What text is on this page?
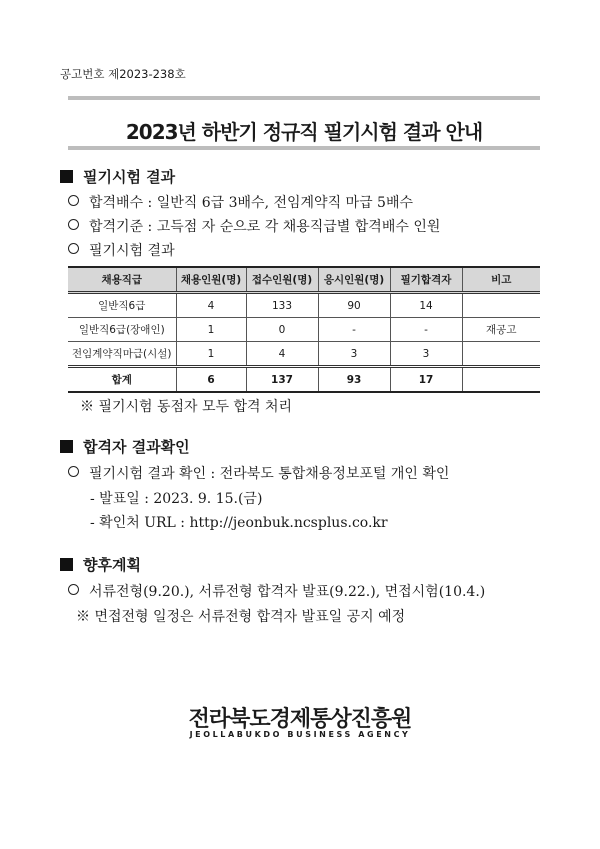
공고번호 제2023-238호
2023년 하반기 정규직 필기시험 결과 안내
필기시험 결과
합격배수 : 일반직 6급 3배수, 전임계약직 마급 5배수
합격기준 : 고득점 자 순으로 각 채용직급별 합격배수 인원
필기시험 결과
채용직급	채용인원(명)	접수인원(명)	응시인원(명)	필기합격자	비고
일반직6급	4	133	90	14	
일반직6급(장애인)	1	0	-	-	재공고
전임계약직마급(시설)	1	4	3	3	
합계	6	137	93	17	
※ 필기시험 동점자 모두 합격 처리
합격자 결과확인
필기시험 결과 확인 : 전라북도 통합채용정보포털 개인 확인
- 발표일 : 2023. 9. 15.(금)
- 확인처 URL : http://jeonbuk.ncsplus.co.kr
향후계획
서류전형(9.20.), 서류전형 합격자 발표(9.22.), 면접시험(10.4.)
※ 면접전형 일정은 서류전형 합격자 발표일 공지 예정
전라북도경제통상진흥원
JEOLLABUKDO BUSINESS AGENCY
